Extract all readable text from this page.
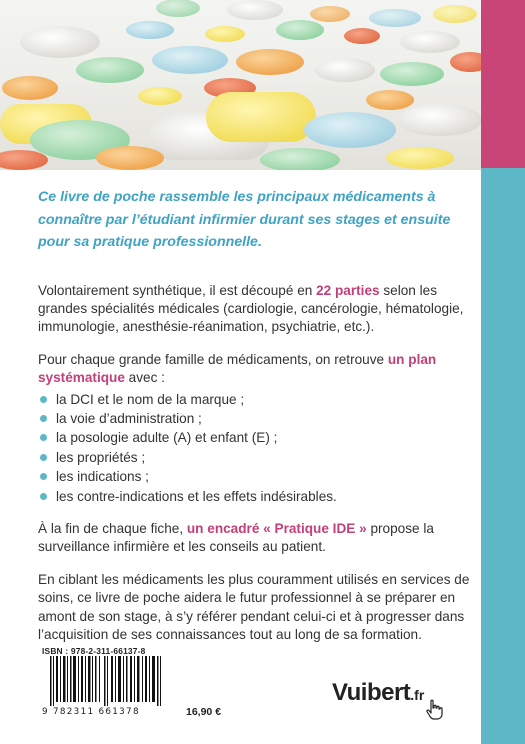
Ce livre de poche rassemble les principaux médicaments à connaître par l’étudiant infirmier durant ses stages et ensuite pour sa pratique professionnelle.

Volontairement synthétique, il est découpé en 22 parties selon les grandes spécialités médicales (cardiologie, cancérologie, hématologie, immunologie, anesthésie-réanimation, psychiatrie, etc.).

Pour chaque grande famille de médicaments, on retrouve un plan systématique avec :

la DCI et le nom de la marque ;
la voie d’administration ;
la posologie adulte (A) et enfant (E) ;
les propriétés ;
les indications ;
les contre-indications et les effets indésirables.

À la fin de chaque fiche, un encadré « Pratique IDE » propose la surveillance infirmière et les conseils au patient.

En ciblant les médicaments les plus couramment utilisés en services de soins, ce livre de poche aidera le futur professionnel à se préparer en amont de son stage, à s’y référer pendant celui-ci et à progresser dans l’acquisition de ses connaissances tout au long de sa formation.

ISBN : 978-2-311-66137-8
9 782311 661378	16,90 €
Vuibert.fr
